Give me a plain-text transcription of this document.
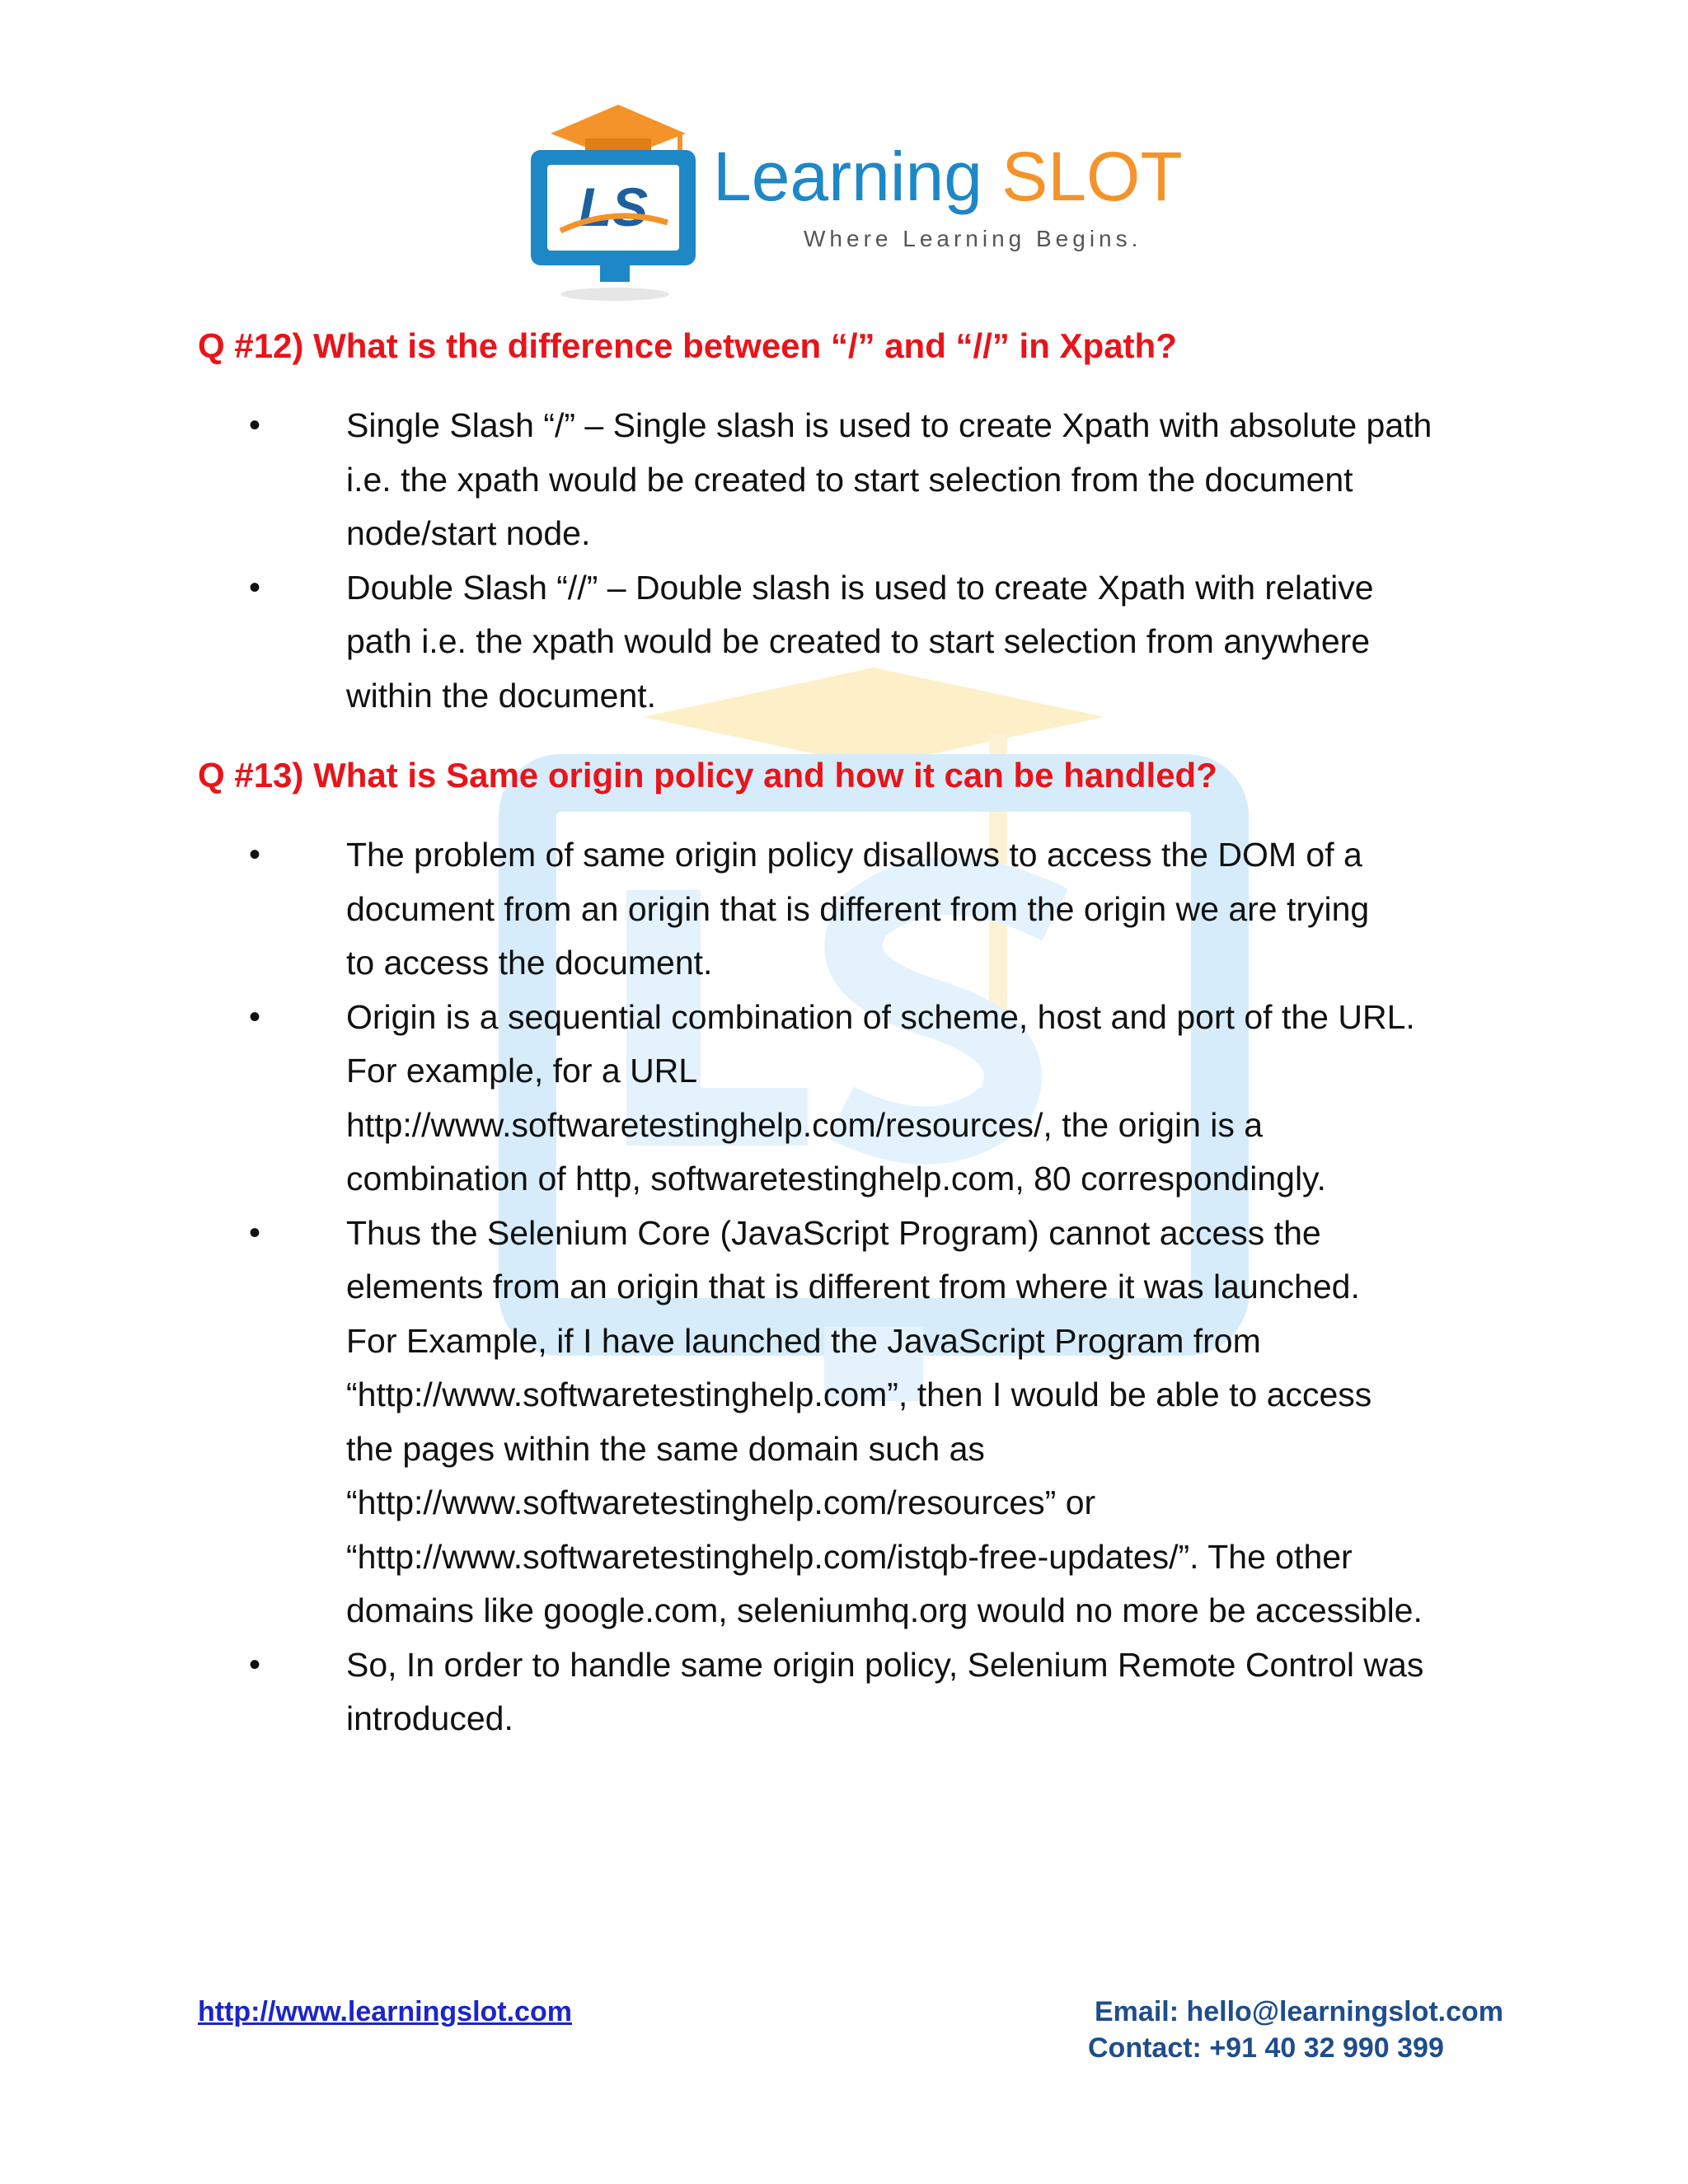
LS Learning SLOT
Where Learning Begins.
Q #12) What is the difference between “/” and “//” in Xpath?
•	Single Slash “/” – Single slash is used to create Xpath with absolute path
i.e. the xpath would be created to start selection from the document
node/start node.
•	Double Slash “//” – Double slash is used to create Xpath with relative
path i.e. the xpath would be created to start selection from anywhere
within the document.
Q #13) What is Same origin policy and how it can be handled?
•	The problem of same origin policy disallows to access the DOM of a
document from an origin that is different from the origin we are trying
to access the document.
•	Origin is a sequential combination of scheme, host and port of the URL.
For example, for a URL
http://www.softwaretestinghelp.com/resources/, the origin is a
combination of http, softwaretestinghelp.com, 80 correspondingly.
•	Thus the Selenium Core (JavaScript Program) cannot access the
elements from an origin that is different from where it was launched.
For Example, if I have launched the JavaScript Program from
“http://www.softwaretestinghelp.com”, then I would be able to access
the pages within the same domain such as
“http://www.softwaretestinghelp.com/resources” or
“http://www.softwaretestinghelp.com/istqb-free-updates/”. The other
domains like google.com, seleniumhq.org would no more be accessible.
•	So, In order to handle same origin policy, Selenium Remote Control was
introduced.
http://www.learningslot.com	Email: hello@learningslot.com
Contact: +91 40 32 990 399
